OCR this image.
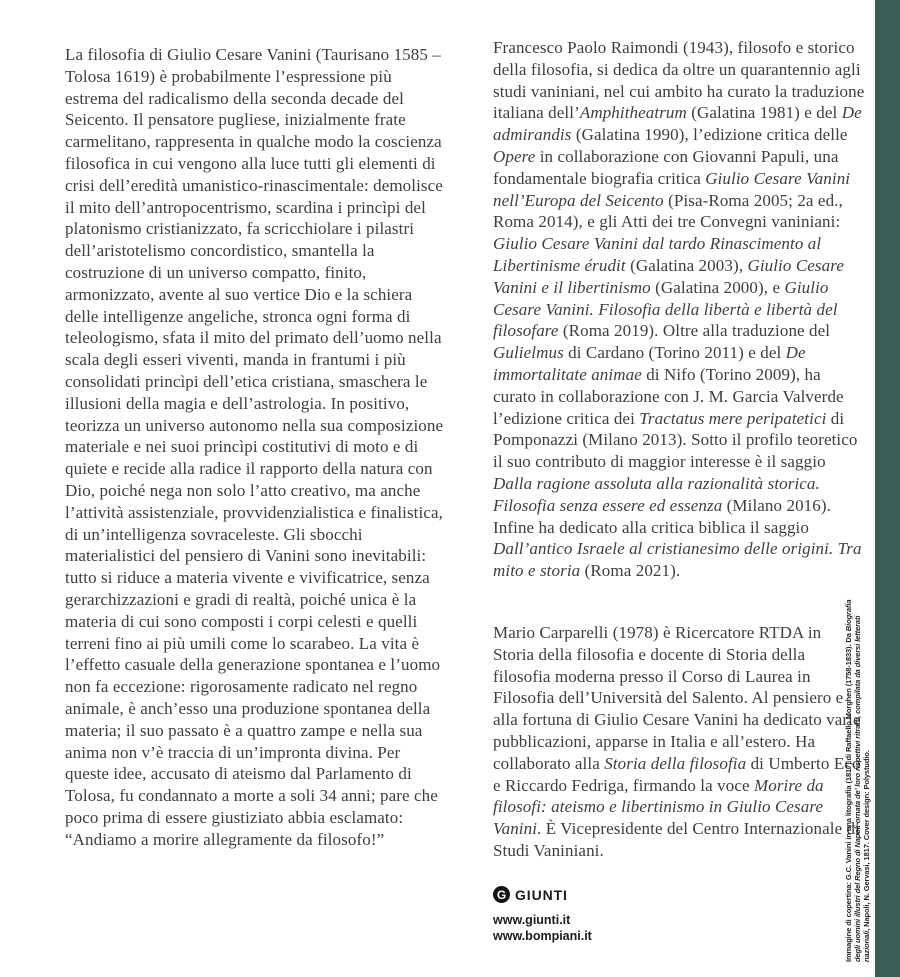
La filosofia di Giulio Cesare Vanini (Taurisano 1585 – Tolosa 1619) è probabilmente l’espressione più estrema del radicalismo della seconda decade del Seicento. Il pensatore pugliese, inizialmente frate carmelitano, rappresenta in qualche modo la coscienza filosofica in cui vengono alla luce tutti gli elementi di crisi dell’eredità umanistico-rinascimentale: demolisce il mito dell’antropocentrismo, scardina i princìpi del platonismo cristianizzato, fa scricchiolare i pilastri dell’aristotelismo concordistico, smantella la costruzione di un universo compatto, finito, armonizzato, avente al suo vertice Dio e la schiera delle intelligenze angeliche, stronca ogni forma di teleologismo, sfata il mito del primato dell’uomo nella scala degli esseri viventi, manda in frantumi i più consolidati princìpi dell’etica cristiana, smaschera le illusioni della magia e dell’astrologia. In positivo, teorizza un universo autonomo nella sua composizione materiale e nei suoi princìpi costitutivi di moto e di quiete e recide alla radice il rapporto della natura con Dio, poiché nega non solo l’atto creativo, ma anche l’attività assistenziale, provvidenzialistica e finalistica, di un’intelligenza sovraceleste. Gli sbocchi materialistici del pensiero di Vanini sono inevitabili: tutto si riduce a materia vivente e vivificatrice, senza gerarchizzazioni e gradi di realtà, poiché unica è la materia di cui sono composti i corpi celesti e quelli terreni fino ai più umili come lo scarabeo. La vita è l’effetto casuale della generazione spontanea e l’uomo non fa eccezione: rigorosamente radicato nel regno animale, è anch’esso una produzione spontanea della materia; il suo passato è a quattro zampe e nella sua anima non v’è traccia di un’impronta divina. Per queste idee, accusato di ateismo dal Parlamento di Tolosa, fu condannato a morte a soli 34 anni; pare che poco prima di essere giustiziato abbia esclamato: “Andiamo a morire allegramente da filosofo!”

Francesco Paolo Raimondi (1943), filosofo e storico della filosofia, si dedica da oltre un quarantennio agli studi vaniniani, nel cui ambito ha curato la traduzione italiana dell’Amphitheatrum (Galatina 1981) e del De admirandis (Galatina 1990), l’edizione critica delle Opere in collaborazione con Giovanni Papuli, una fondamentale biografia critica Giulio Cesare Vanini nell’Europa del Seicento (Pisa-Roma 2005; 2a ed., Roma 2014), e gli Atti dei tre Convegni vaniniani: Giulio Cesare Vanini dal tardo Rinascimento al Libertinisme érudit (Galatina 2003), Giulio Cesare Vanini e il libertinismo (Galatina 2000), e Giulio Cesare Vanini. Filosofia della libertà e libertà del filosofare (Roma 2019). Oltre alla traduzione del Gulielmus di Cardano (Torino 2011) e del De immortalitate animae di Nifo (Torino 2009), ha curato in collaborazione con J. M. Garcia Valverde l’edizione critica dei Tractatus mere peripatetici di Pomponazzi (Milano 2013). Sotto il profilo teoretico il suo contributo di maggior interesse è il saggio Dalla ragione assoluta alla razionalità storica. Filosofia senza essere ed essenza (Milano 2016). Infine ha dedicato alla critica biblica il saggio Dall’antico Israele al cristianesimo delle origini. Tra mito e storia (Roma 2021).

Mario Carparelli (1978) è Ricercatore RTDA in Storia della filosofia e docente di Storia della filosofia moderna presso il Corso di Laurea in Filosofia dell’Università del Salento. Al pensiero e alla fortuna di Giulio Cesare Vanini ha dedicato varie pubblicazioni, apparse in Italia e all’estero. Ha collaborato alla Storia della filosofia di Umberto Eco e Riccardo Fedriga, firmando la voce Morire da filosofi: ateismo e libertinismo in Giulio Cesare Vanini. È Vicepresidente del Centro Internazionale di Studi Vaniniani.

G GIUNTI
www.giunti.it
www.bompiani.it	Immagine di copertina: G.C. Vanini in una litografia (1817) di Raffaello Morghen (1758-1833). Da Biografia degli uomini illustri del Regno di Napoli ornata de’ loro rispettivi ritratti, compilata da diversi letterati nazionali, Napoli, N. Gervasi, 1817. Cover design: Polystudio.
